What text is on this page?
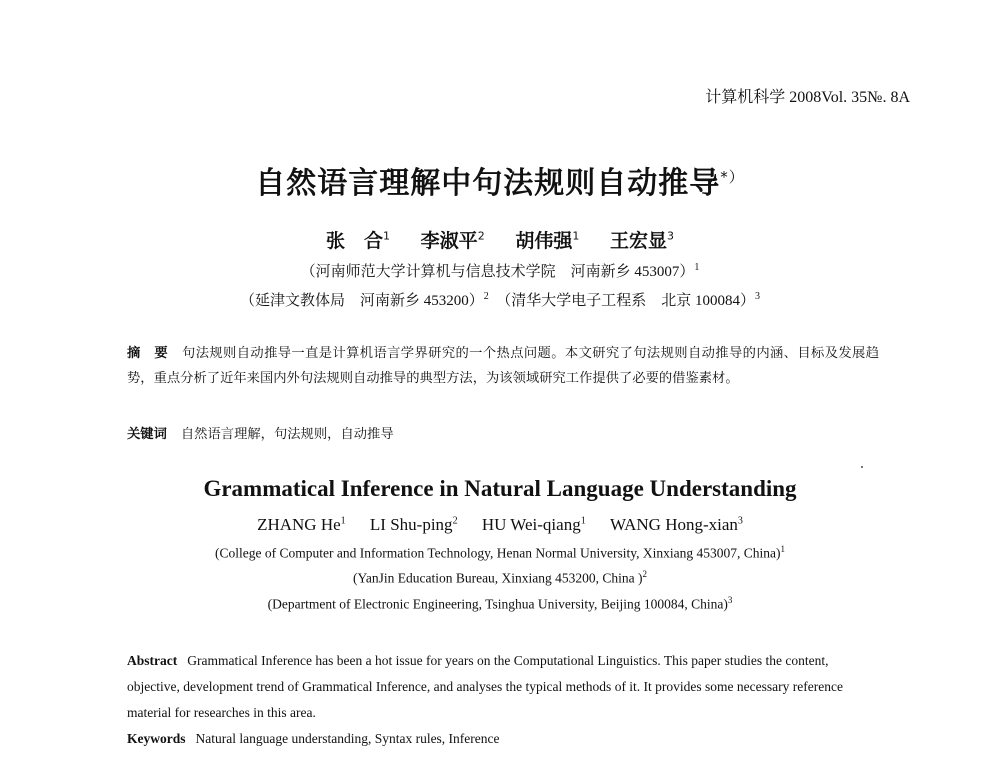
计算机科学 2008Vol. 35№. 8A
自然语言理解中句法规则自动推导*）
张　合$^1$ 李淑平$^2$ 胡伟强$^1$ 王宏显$^3$
（河南师范大学计算机与信息技术学院　河南新乡 453007）$^1$
（延津文教体局　河南新乡 453200）$^2$　 （清华大学电子工程系　北京 100084）$^3$
摘　要 句法规则自动推导一直是计算机语言学界研究的一个热点问题。本文研究了句法规则自动推导的内涵、目标及发展趋势，重点分析了近年来国内外句法规则自动推导的典型方法，为该领域研究工作提供了必要的借鉴素材。
关键词 自然语言理解，句法规则，自动推导
Grammatical Inference in Natural Language Understanding
ZHANG He$^1$ LI Shu-ping$^2$ HU Wei-qiang$^1$ WANG Hong-xian$^3$
(College of Computer and Information Technology, Henan Normal University, Xinxiang 453007, China)$^1$
(YanJin Education Bureau, Xinxiang 453200, China )$^2$
(Department of Electronic Engineering, Tsinghua University, Beijing 100084, China)$^3$
Abstract Grammatical Inference has been a hot issue for years on the Computational Linguistics. This paper studies the content, objective, development trend of Grammatical Inference, and analyses the typical methods of it. It provides some necessary reference material for researches in this area.
Keywords Natural language understanding, Syntax rules, Inference
